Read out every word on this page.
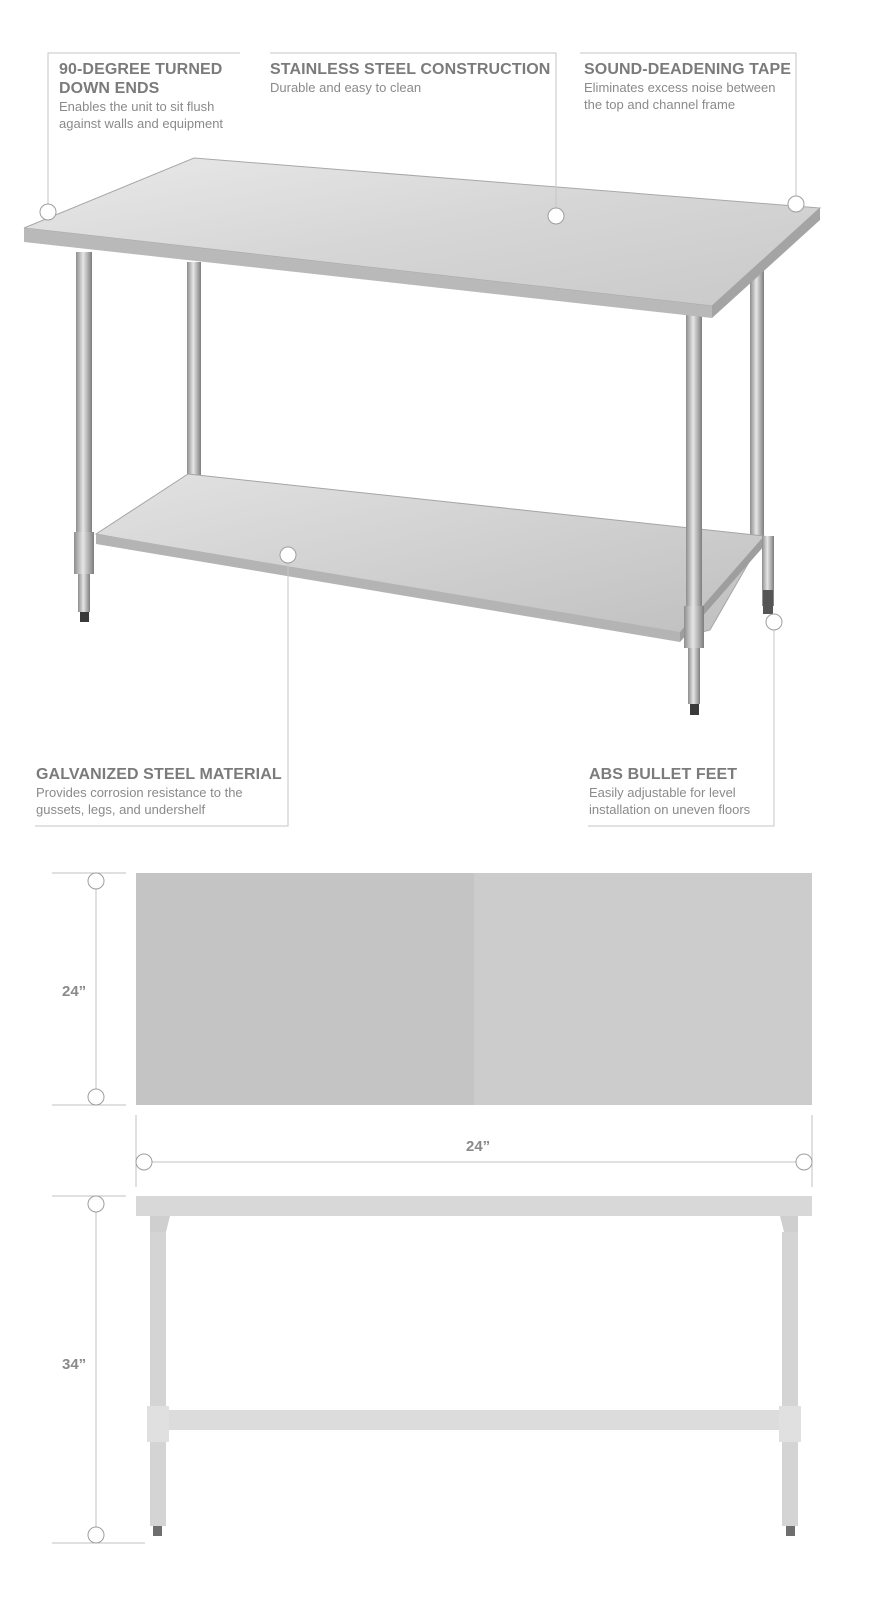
90-DEGREE TURNED DOWN ENDS
Enables the unit to sit flush against walls and equipment
STAINLESS STEEL CONSTRUCTION
Durable and easy to clean
SOUND-DEADENING TAPE
Eliminates excess noise between the top and channel frame
GALVANIZED STEEL MATERIAL
Provides corrosion resistance to the gussets, legs, and undershelf
ABS BULLET FEET
Easily adjustable for level installation on uneven floors
24”
24”
34”
